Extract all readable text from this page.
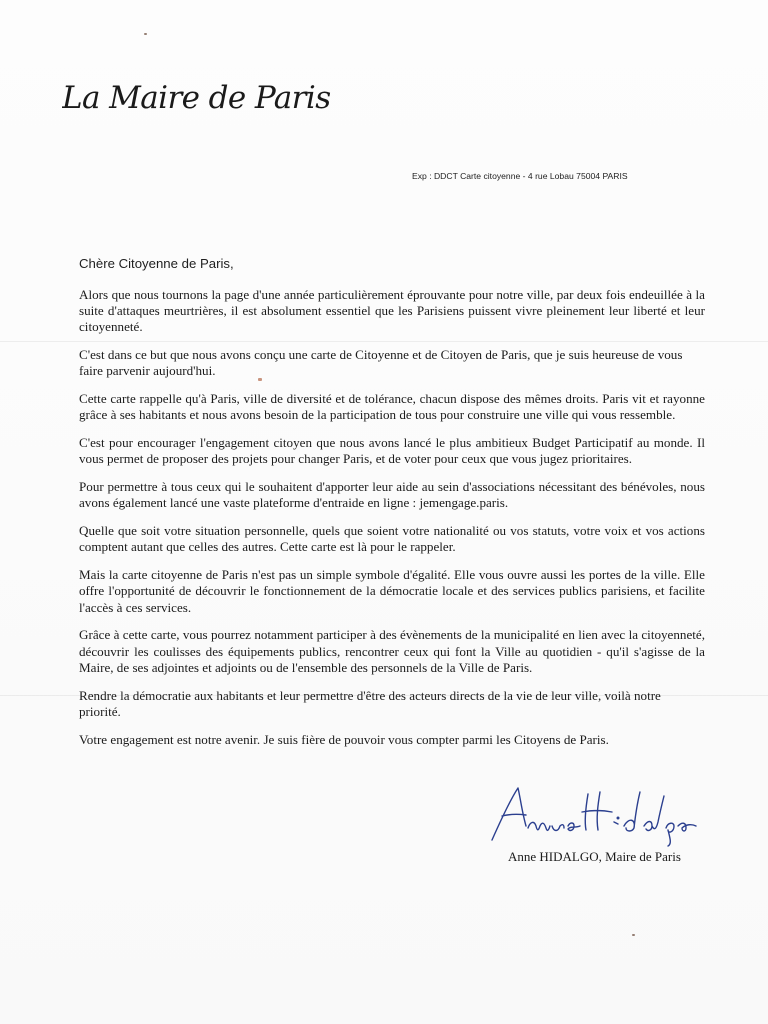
La Maire de Paris
Exp : DDCT Carte citoyenne - 4 rue Lobau 75004 PARIS
Chère Citoyenne de Paris,

Alors que nous tournons la page d'une année particulièrement éprouvante pour notre ville, par deux fois endeuillée à la suite d'attaques meurtrières, il est absolument essentiel que les Parisiens puissent vivre pleinement leur liberté et leur citoyenneté.

C'est dans ce but que nous avons conçu une carte de Citoyenne et de Citoyen de Paris, que je suis heureuse de vous faire parvenir aujourd'hui.

Cette carte rappelle qu'à Paris, ville de diversité et de tolérance, chacun dispose des mêmes droits. Paris vit et rayonne grâce à ses habitants et nous avons besoin de la participation de tous pour construire une ville qui vous ressemble.

C'est pour encourager l'engagement citoyen que nous avons lancé le plus ambitieux Budget Participatif au monde. Il vous permet de proposer des projets pour changer Paris, et de voter pour ceux que vous jugez prioritaires.

Pour permettre à tous ceux qui le souhaitent d'apporter leur aide au sein d'associations nécessitant des bénévoles, nous avons également lancé une vaste plateforme d'entraide en ligne : jemengage.paris.

Quelle que soit votre situation personnelle, quels que soient votre nationalité ou vos statuts, votre voix et vos actions comptent autant que celles des autres. Cette carte est là pour le rappeler.

Mais la carte citoyenne de Paris n'est pas un simple symbole d'égalité. Elle vous ouvre aussi les portes de la ville. Elle offre l'opportunité de découvrir le fonctionnement de la démocratie locale et des services publics parisiens, et facilite l'accès à ces services.

Grâce à cette carte, vous pourrez notamment participer à des évènements de la municipalité en lien avec la citoyenneté, découvrir les coulisses des équipements publics, rencontrer ceux qui font la Ville au quotidien - qu'il s'agisse de la Maire, de ses adjointes et adjoints ou de l'ensemble des personnels de la Ville de Paris.

Rendre la démocratie aux habitants et leur permettre d'être des acteurs directs de la vie de leur ville, voilà notre priorité.

Votre engagement est notre avenir. Je suis fière de pouvoir vous compter parmi les Citoyens de Paris.

Anne HIDALGO, Maire de Paris
